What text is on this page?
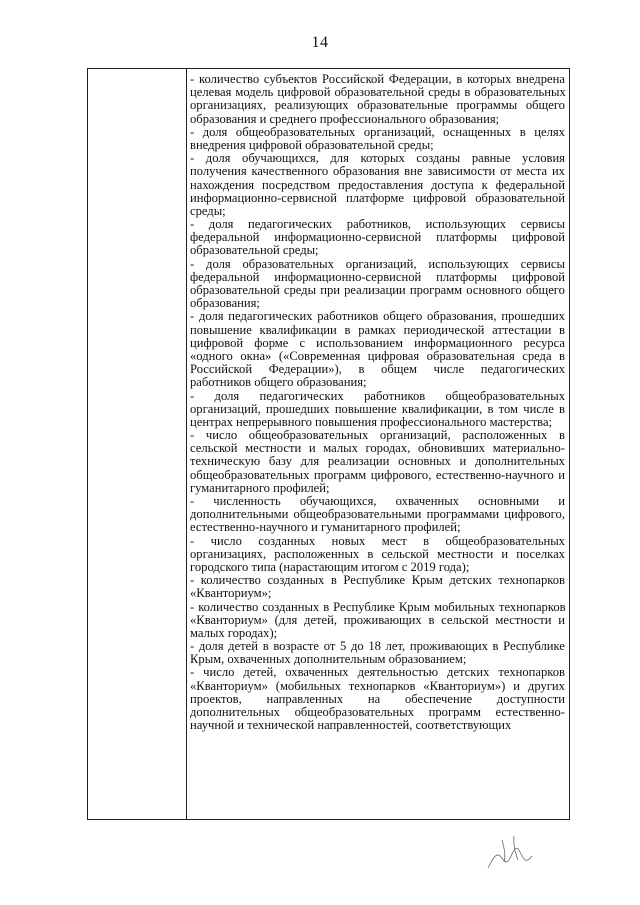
14
- количество субъектов Российской Федерации, в которых внедрена
целевая модель цифровой образовательной среды в образовательных
организациях, реализующих образовательные программы общего
образования и среднего профессионального образования;
- доля общеобразовательных организаций, оснащенных в целях
внедрения цифровой образовательной среды;
- доля обучающихся, для которых созданы равные условия
получения качественного образования вне зависимости от места их
нахождения посредством предоставления доступа к федеральной
информационно-сервисной платформе цифровой образовательной
среды;
- доля педагогических работников, использующих сервисы
федеральной информационно-сервисной платформы цифровой
образовательной среды;
- доля образовательных организаций, использующих сервисы
федеральной информационно-сервисной платформы цифровой
образовательной среды при реализации программ основного общего
образования;
- доля педагогических работников общего образования, прошедших
повышение квалификации в рамках периодической аттестации в
цифровой форме с использованием информационного ресурса
«одного окна» («Современная цифровая образовательная среда в
Российской Федерации»), в общем числе педагогических
работников общего образования;
- доля педагогических работников общеобразовательных
организаций, прошедших повышение квалификации, в том числе в
центрах непрерывного повышения профессионального мастерства;
- число общеобразовательных организаций, расположенных в
сельской местности и малых городах, обновивших материально-
техническую базу для реализации основных и дополнительных
общеобразовательных программ цифрового, естественно-научного и
гуманитарного профилей;
- численность обучающихся, охваченных основными и
дополнительными общеобразовательными программами цифрового,
естественно-научного и гуманитарного профилей;
- число созданных новых мест в общеобразовательных
организациях, расположенных в сельской местности и поселках
городского типа (нарастающим итогом с 2019 года);
- количество созданных в Республике Крым детских технопарков
«Кванториум»;
- количество созданных в Республике Крым мобильных технопарков
«Кванториум» (для детей, проживающих в сельской местности и
малых городах);
- доля детей в возрасте от 5 до 18 лет, проживающих в Республике
Крым, охваченных дополнительным образованием;
- число детей, охваченных деятельностью детских технопарков
«Кванториум» (мобильных технопарков «Кванториум») и других
проектов, направленных на обеспечение доступности
дополнительных общеобразовательных программ естественно-
научной и технической направленностей, соответствующих
